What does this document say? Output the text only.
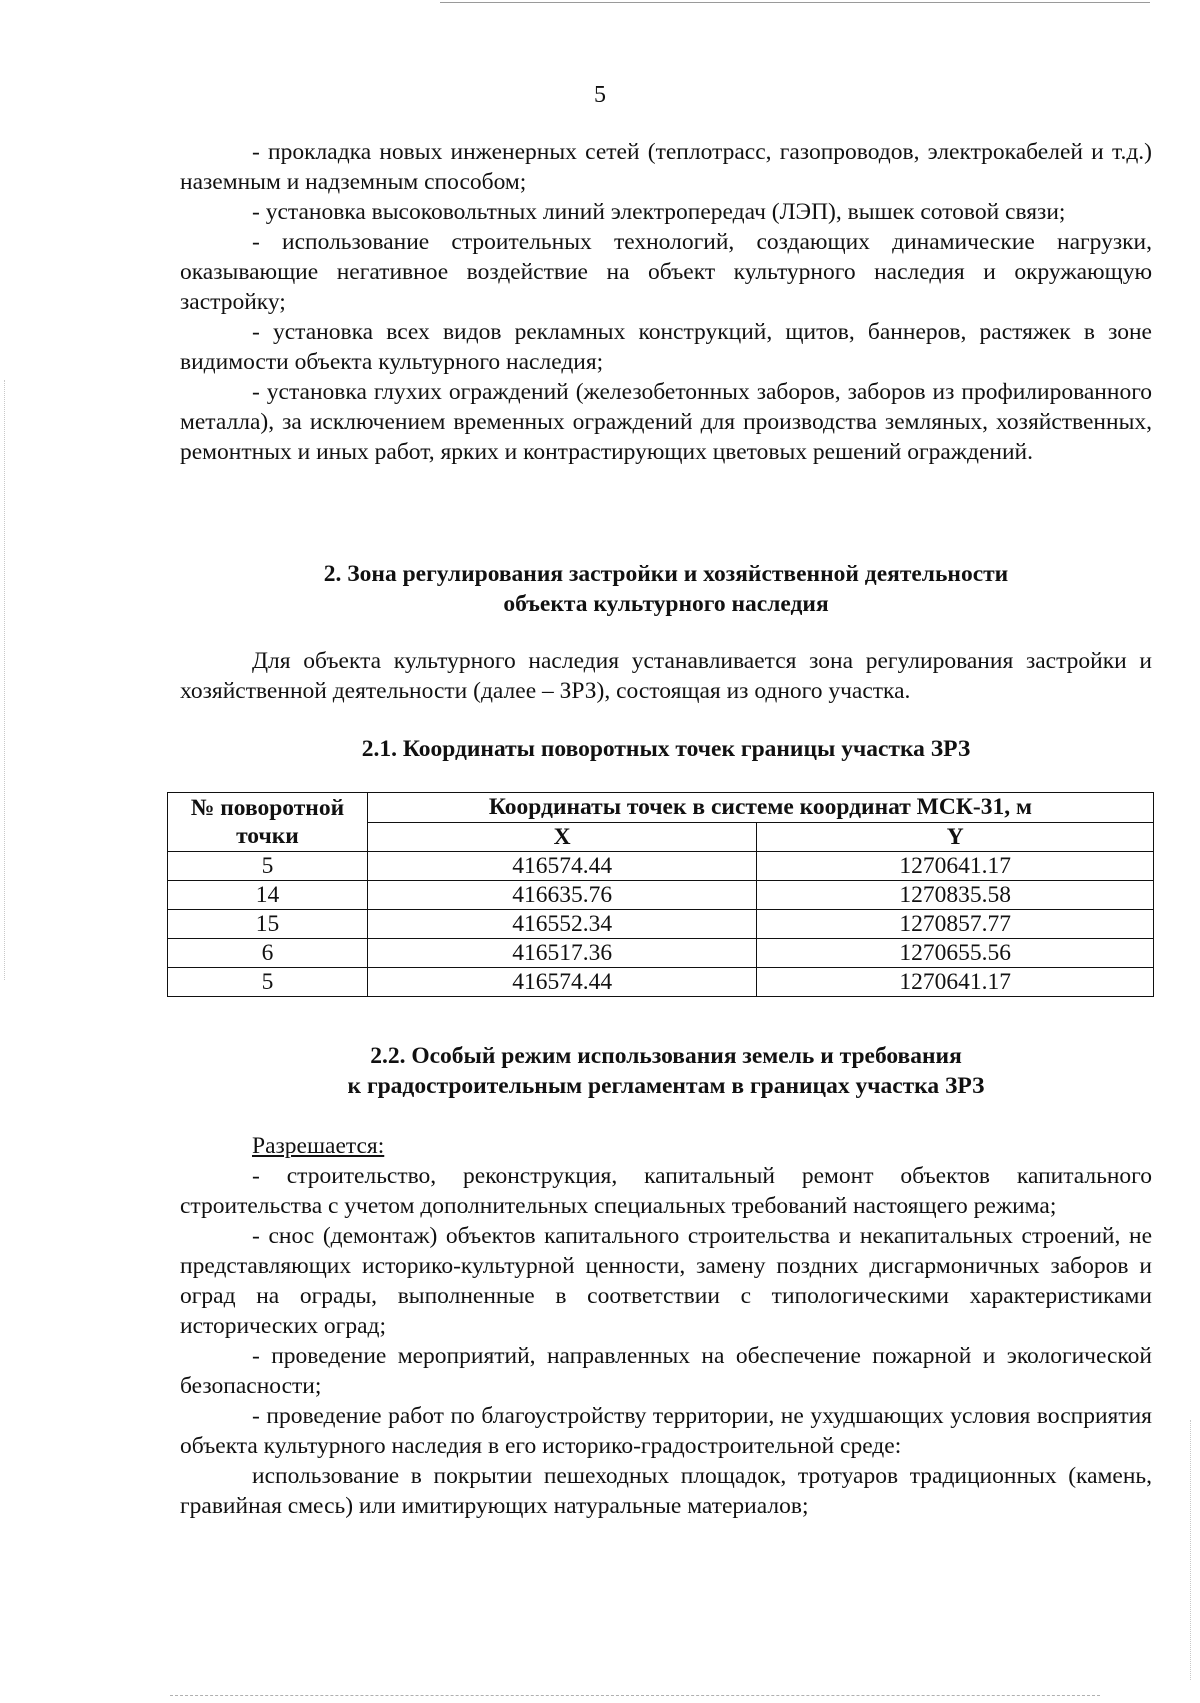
5

- прокладка новых инженерных сетей (теплотрасс, газопроводов, электрокабелей и т.д.) наземным и надземным способом;

- установка высоковольтных линий электропередач (ЛЭП), вышек сотовой связи;

- использование строительных технологий, создающих динамические нагрузки, оказывающие негативное воздействие на объект культурного наследия и окружающую застройку;

- установка всех видов рекламных конструкций, щитов, баннеров, растяжек в зоне видимости объекта культурного наследия;

- установка глухих ограждений (железобетонных заборов, заборов из профилированного металла), за исключением временных ограждений для производства земляных, хозяйственных, ремонтных и иных работ, ярких и контрастирующих цветовых решений ограждений.

2. Зона регулирования застройки и хозяйственной деятельности
объекта культурного наследия

Для объекта культурного наследия устанавливается зона регулирования застройки и хозяйственной деятельности (далее – ЗРЗ), состоящая из одного участка.

2.1. Координаты поворотных точек границы участка ЗРЗ
№ поворотной точки	Координаты точек в системе координат МСК-31, м	
	X	Y
5	416574.44	1270641.17
14	416635.76	1270835.58
15	416552.34	1270857.77
6	416517.36	1270655.56
5	416574.44	1270641.17
2.2. Особый режим использования земель и требования
к градостроительным регламентам в границах участка ЗРЗ

Разрешается:

- строительство, реконструкция, капитальный ремонт объектов капитального строительства с учетом дополнительных специальных требований настоящего режима;

- снос (демонтаж) объектов капитального строительства и некапитальных строений, не представляющих историко-культурной ценности, замену поздних дисгармоничных заборов и оград на ограды, выполненные в соответствии с типологическими характеристиками исторических оград;

- проведение мероприятий, направленных на обеспечение пожарной и экологической безопасности;

- проведение работ по благоустройству территории, не ухудшающих условия восприятия объекта культурного наследия в его историко-градостроительной среде:

использование в покрытии пешеходных площадок, тротуаров традиционных (камень, гравийная смесь) или имитирующих натуральные материалов;
